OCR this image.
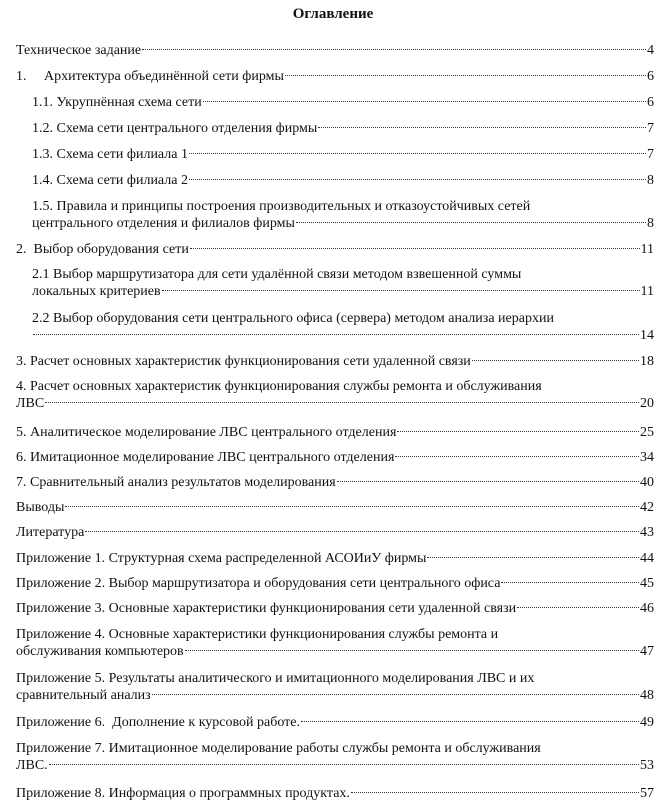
Оглавление
Техническое задание	4
1.     Архитектура объединённой сети фирмы	6
1.1. Укрупнённая схема сети	6
1.2. Схема сети центрального отделения фирмы	7
1.3. Схема сети филиала 1	7
1.4. Схема сети филиала 2	8
1.5. Правила и принципы построения производительных и отказоустойчивых сетей
центрального отделения и филиалов фирмы	8
2.  Выбор оборудования сети	11
2.1 Выбор маршрутизатора для сети удалённой связи методом взвешенной суммы
локальных критериев	11
2.2 Выбор оборудования сети центрального офиса (сервера) методом анализа иерархии
14
3. Расчет основных характеристик функционирования сети удаленной связи	18
4. Расчет основных характеристик функционирования службы ремонта и обслуживания
ЛВС	20
5. Аналитическое моделирование ЛВС центрального отделения	25
6. Имитационное моделирование ЛВС центрального отделения	34
7. Сравнительный анализ результатов моделирования	40
Выводы	42
Литература	43
Приложение 1. Структурная схема распределенной АСОИиУ фирмы	44
Приложение 2. Выбор маршрутизатора и оборудования сети центрального офиса	45
Приложение 3. Основные характеристики функционирования сети удаленной связи	46
Приложение 4. Основные характеристики функционирования службы ремонта и
обслуживания компьютеров	47
Приложение 5. Результаты аналитического и имитационного моделирования ЛВС и их
сравнительный анализ	48
Приложение 6.  Дополнение к курсовой работе.	49
Приложение 7. Имитационное моделирование работы службы ремонта и обслуживания
ЛВС.	53
Приложение 8. Информация о программных продуктах.	57
